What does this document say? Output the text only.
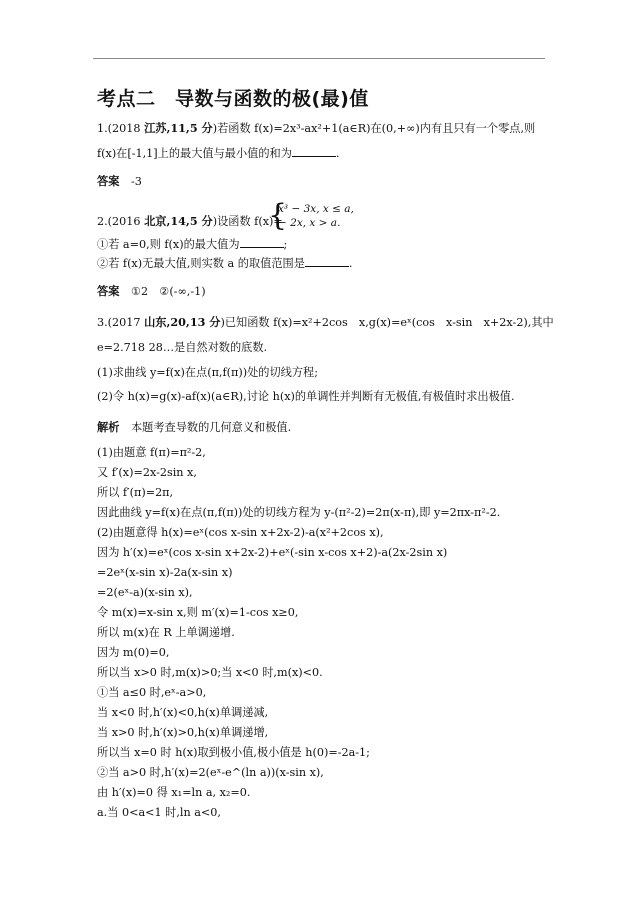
考点二　导数与函数的极(最)值
1.(2018 江苏,11,5 分)若函数 f(x)=2x³-ax²+1(a∈R)在(0,+∞)内有且只有一个零点,则
f(x)在[-1,1]上的最大值与最小值的和为	.
答案 -3
2.(2016 北京,14,5 分)设函数 f(x)=
{
x³ − 3x, x ≤ a,
− 2x, x > a.
①若 a=0,则 f(x)的最大值为	;
②若 f(x)无最大值,则实数 a 的取值范围是	.
答案 ①2　②(-∞,-1)
3.(2017 山东,20,13 分)已知函数 f(x)=x²+2cos　x,g(x)=eˣ(cos　x-sin　x+2x-2),其中
e=2.718 28…是自然对数的底数.
(1)求曲线 y=f(x)在点(π,f(π))处的切线方程;
(2)令 h(x)=g(x)-af(x)(a∈R),讨论 h(x)的单调性并判断有无极值,有极值时求出极值.
解析 本题考查导数的几何意义和极值.
(1)由题意 f(π)=π²-2,
又 f′(x)=2x-2sin x,
所以 f′(π)=2π,
因此曲线 y=f(x)在点(π,f(π))处的切线方程为 y-(π²-2)=2π(x-π),即 y=2πx-π²-2.
(2)由题意得 h(x)=eˣ(cos x-sin x+2x-2)-a(x²+2cos x),
因为 h′(x)=eˣ(cos x-sin x+2x-2)+eˣ(-sin x-cos x+2)-a(2x-2sin x)
=2eˣ(x-sin x)-2a(x-sin x)
=2(eˣ-a)(x-sin x),
令 m(x)=x-sin x,则 m′(x)=1-cos x≥0,
所以 m(x)在 R 上单调递增.
因为 m(0)=0,
所以当 x>0 时,m(x)>0;当 x<0 时,m(x)<0.
①当 a≤0 时,eˣ-a>0,
当 x<0 时,h′(x)<0,h(x)单调递减,
当 x>0 时,h′(x)>0,h(x)单调递增,
所以当 x=0 时 h(x)取到极小值,极小值是 h(0)=-2a-1;
②当 a>0 时,h′(x)=2(eˣ-e^(ln a))(x-sin x),
由 h′(x)=0 得 x₁=ln a, x₂=0.
a.当 0<a<1 时,ln a<0,
